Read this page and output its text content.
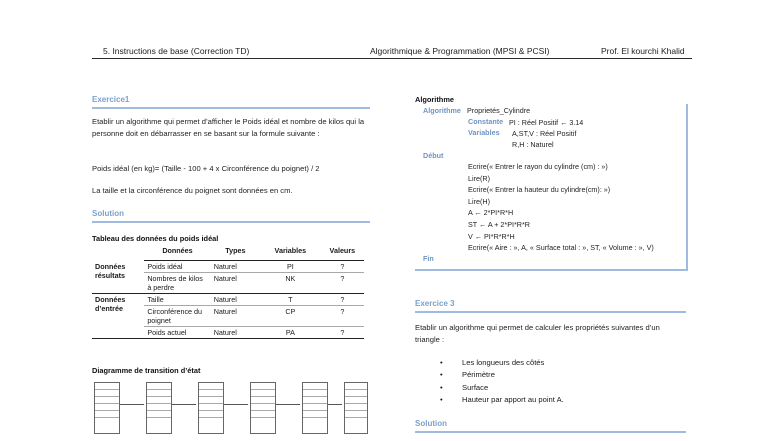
5. Instructions de base (Correction TD)	Algorithmique & Programmation (MPSI & PCSI)	Prof. El kourchi Khalid
Exercice1
Etablir un algorithme qui permet d’afficher le Poids idéal et nombre de kilos qui la personne doit en débarrasser en se basant sur la formule suivante :
Poids idéal (en kg)= (Taille - 100 + 4 x Circonférence du poignet) / 2
La taille et la circonférence du poignet sont données en cm.
Solution
Tableau des données du poids idéal
	Données	Types	Variables	Valeurs
Données résultats	Poids idéal	Naturel	PI	?
	Nombres de kilos à perdre	Naturel	NK	?
Données d’entrée	Taille	Naturel	T	?
	Circonférence du poignet	Naturel	CP	?
	Poids actuel	Naturel	PA	?
Diagramme de transition d’état
Algorithme
Algorithme Proprietés_Cylindre
Constante PI : Réel Positif ← 3.14
Variables A,ST,V : Réel Positif
R,H : Naturel
Début
Ecrire(« Entrer le rayon du cylindre (cm) : »)
Lire(R)
Ecrire(« Entrer la hauteur du cylindre(cm): »)
Lire(H)
A ← 2*PI*R*H
ST ← A + 2*PI*R*R
V ← PI*R*R*H
Ecrire(« Aire : », A, « Surface total : », ST, « Volume : », V)
Fin
Exercice 3
Etablir un algorithme qui permet de calculer les propriétés suivantes d’un triangle :
• Les longueurs des côtés
• Périmètre
• Surface
• Hauteur par apport au point A.
Solution
